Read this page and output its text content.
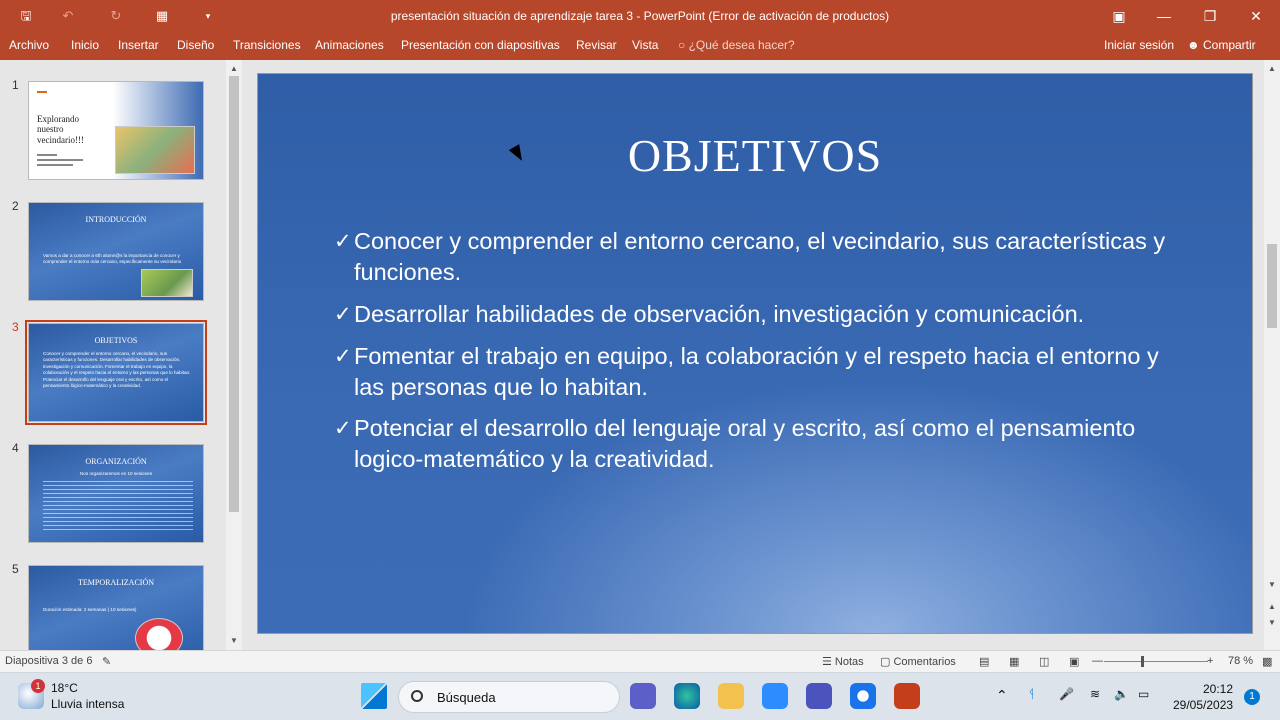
🖫	↶	↻	▦	▾	presentación situación de aprendizaje tarea 3 - PowerPoint (Error de activación de productos)	▣	—	❐	✕
Archivo Inicio Insertar Diseño Transiciones Animaciones Presentación con diapositivas Revisar Vista ○ ¿Qué desea hacer?	Iniciar sesión ☻ Compartir
1
Explorando nuestro vecindario!!!
2
INTRODUCCIÓN
Vamos a dar a conocer a 6th alumn@s la importancia de conocer y comprender el entorno más cercano, específicamente su vecindario
3
OBJETIVOS
Conocer y comprender el entorno cercano, el vecindario, sus características y funciones. Desarrollar habilidades de observación, investigación y comunicación. Fomentar el trabajo en equipo, la colaboración y el respeto hacia el entorno y las personas que lo habitan. Potenciar el desarrollo del lenguaje oral y escrito, así como el pensamiento lógico-matemático y la creatividad.
4
ORGANIZACIÓN
Nos organizaremos en 10 sesiones
5
TEMPORALIZACIÓN
Duración estimada: 2 semanas ( 10 sesiones)
▲
▼
OBJETIVOS
✓ Conocer y comprender el entorno cercano, el vecindario, sus características y funciones.
✓ Desarrollar habilidades de observación, investigación y comunicación.
✓ Fomentar el trabajo en equipo, la colaboración y el respeto hacia el entorno y las personas que lo habitan.
✓ Potenciar el desarrollo del lenguaje oral y escrito, así como el pensamiento logico-matemático y la creatividad.
▲
▼
▲
▼
Diapositiva 3 de 6 ✎	☰ Notas ▢ Comentarios ▤ ▦ ◫ ▣ —	+ 78 % ▩
1 18°C
Lluvia intensa	Búsqueda	⌃ ᛩ 🎤 ≋ 🔈 ▭	20:12
29/05/2023
1
